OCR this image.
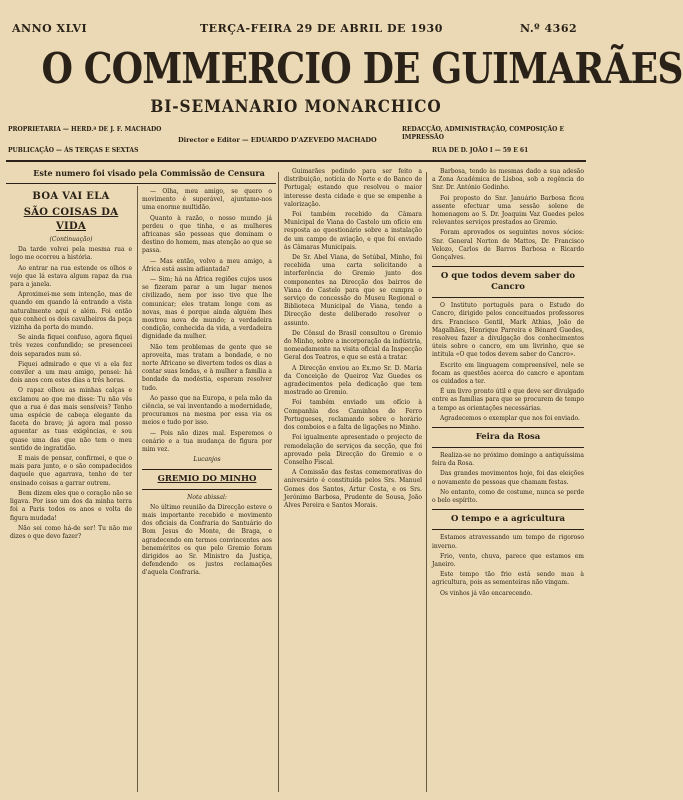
ANNO XLVI	TERÇA-FEIRA 29 DE ABRIL DE 1930	N.º 4362
O COMMERCIO DE GUIMARÃES
BI-SEMANARIO MONARCHICO
PROPRIETARIA — HERD.ª DE J. F. MACHADO
PUBLICAÇÃO — ÁS TERÇAS E SEXTAS
Director e Editor — EDUARDO D'AZEVEDO MACHADO
REDACÇÃO, ADMINISTRAÇÃO, COMPOSIÇÃO E IMPRESSÃO
RUA DE D. JOÃO I — 59 E 61
Este numero foi visado pela Commissão de Censura

BOA VAI ELA

SÃO COISAS DA VIDA

(Continuação)

Da tarde volvei pela mesma rua e logo me ocorreu a história.

Ao entrar na rua estende os olhos e vejo que lá estava algum rapaz da rua para a janela.

Aproximei-me sem intenção, mas de quando em quando lá entrando a vista naturalmente aqui e além. Foi então que conheci os dois cavalheiros da peça vizinha da porta do mundo.

Se ainda fiquei confuso, agora fiquei três vezes confundido; se presenceei dois separados num só.

Fiquei admirado e que vi a ela fez conviler a um mau amigo, pensei: há dois anos com estes dias a três horas.

O rapaz olhou as minhas calças e exclamou ao que me disse: Tu não vês que a rua é das mais sensíveis? Tenho uma espécie de cabeça elegante da faceta do bravo; já agora mal posso aguentar as tuas exigências, e sou quase uma das que não tem o meu sentido de ingratidão.

E mais de pensar, confirmei, e que o mais para junto, e o são compadecidos daquele que agarrava, tenho de ter ensinado coisas a garrar outrem.

Bem dizem eles que o coração não se ligava. Por isso um dos da minha terra foi a Paris todos os anos e volta de figura mudada!

Não sei como há-de ser! Tu não me dizes o que devo fazer?

— Olha, meu amigo, se quero o movimento é superável, ajuntamo-nos uma enorme multidão.

Quanto à razão, o nosso mundo já perdeu o que tinha, e as mulheres africanas são pessoas que dominam o destino do homem, mas atenção ao que se passa.

— Mas então, volvo a meu amigo, a África está assim adiantada?

— Sim; há na África regiões cujos usos se fizeram parar a um lugar menos civilizado, nem por isso tive que lhe comunicar; eles tratam longe com as novas, mas é porque ainda alguém lhes mostrou nova de mundo; a verdadeira condição, conhecida da vida, a verdadeira dignidade da mulher.

Não tem problemas de gente que se aproveita, mas tratam a bondade, e no norte Africano se divertem todos os dias a contar suas lendas, e à mulher a família a bondade da modéstia, esperam resolver tudo.

Ao passo que na Europa, e pela mão da ciência, se vai inventando a modernidade, procuramos na mesma por essa via os meios e tudo por isso.

— Pois não dizes mal. Esperemos o cenário e a tua mudança de figura por mim vez.

Lucanjos

GREMIO DO MINHO

Nota abissal:

No último reunião da Direcção esteve o mais importante recebido e movimento dos oficiais da Confraria do Santuário do Bom Jesus do Monte, de Braga, e agradecendo em termos convincentes aos beneméritos os que pelo Gremio foram dirigidos ao Sr. Ministro da Justiça, defendendo os justos reclamações d'aquela Confraria.

Guimarães pedindo para ser feito a distribuição, notícia do Norte e do Banco de Portugal; estando que resolveu o maior interesse desta cidade e que se empenhe a valorização.

Foi também recebido da Câmara Municipal de Viana do Castelo um ofício em resposta ao questionário sobre a instalação de um campo de aviação, e que foi enviado às Câmaras Municipais.

De Sr. Abel Viana, de Setúbal, Minho, foi recebida uma carta solicitando a interferência do Gremio junto dos componentes na Direcção dos bairros de Viana do Castelo para que se cumpra o serviço de concessão do Museu Regional e Biblioteca Municipal de Viana, tendo a Direcção deste deliberado resolver o assunto.

De Cônsul do Brasil consultou o Gremio do Minho, sobre a incorporação da indústria, nomeadamente na visita oficial da Inspecção Geral dos Teatros, e que se está a tratar.

A Direcção enviou ao Ex.mo Sr. D. Maria da Conceição de Queiroz Vaz Guedes os agradecimentos pela dedicação que tem mostrado ao Gremio.

Foi também enviado um ofício à Companhia dos Caminhos de Ferro Portugueses, reclamando sobre o horário dos comboios e a falta de ligações no Minho.

Foi igualmente apresentado o projecto de remodelação de serviços da secção, que foi aprovado pela Direcção do Gremio e o Conselho Fiscal.

A Comissão das festas comemorativas do aniversário é constituída pelos Srs. Manuel Gomes dos Santos, Artur Costa, e os Srs. Jerónimo Barbosa, Prudente de Sousa, João Alves Pereira e Santos Morais.

Barbosa, tendo às mesmas dado a sua adesão a Zona Académica de Lisboa, sob a regência do Snr. Dr. António Godinho.

Foi proposto do Snr. Januário Barbosa ficou assente efectuar uma sessão solene de homenagem ao S. Dr. Joaquim Vaz Guedes pelos relevantes serviços prestados ao Gremio.

Foram aprovados os seguintes novos sócios: Snr. General Norton de Mattos, Dr. Francisco Velozo, Carlos de Barros Barbosa e Ricardo Gonçalves.

O que todos devem saber do Cancro

O Instituto português para o Estudo do Cancro, dirigido pelos conceituados professores drs. Francisco Gentil, Mark Athias, João de Magalhães, Henrique Parreira e Bénard Guedes, resolveu fazer a divulgação dos conhecimentos úteis sobre o cancro, em um livrinho, que se intitula «O que todos devem saber do Cancro».

Escrito em linguagem compreensível, nele se focam as questões acerca do cancro e apontam os cuidados a ter.

É um livro pronto útil e que deve ser divulgado entre as famílias para que se procurem de tempo a tempo as orientações necessárias.

Agradecemos o exemplar que nos foi enviado.

Feira da Rosa

Realiza-se no próximo domingo a antiquíssima feira da Rosa.

Das grandes movimentos hoje, foi das eleições e novamente de pessoas que chamam festas.

No entanto, como de costume, nunca se perde o belo espírito.

O tempo e a agricultura

Estamos atravessando um tempo de rigoroso inverno.

Frio, vento, chuva, parece que estamos em Janeiro.

Este tempo tão frio está sendo mau à agricultura, pois as sementeiras não vingam.

Os vinhos já vão encarecendo.
